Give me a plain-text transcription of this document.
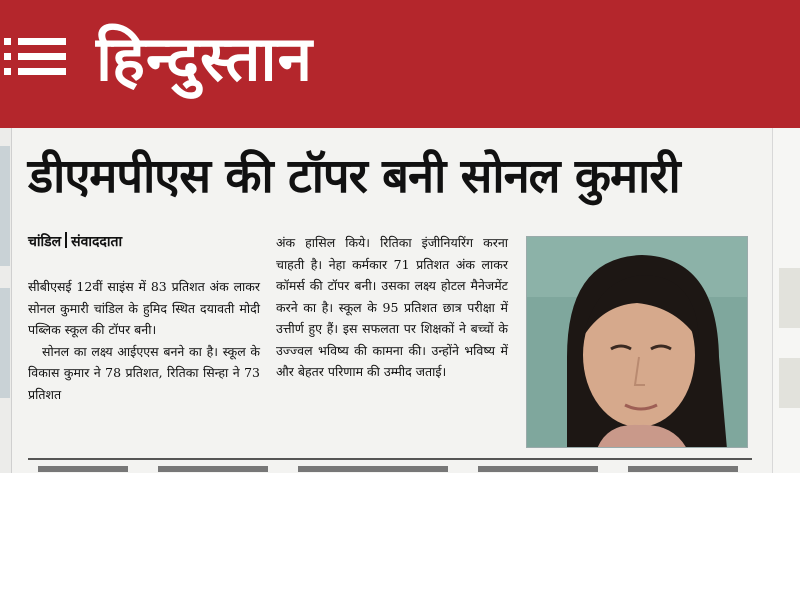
हिन्दुस्तान
डीएमपीएस की टॉपर बनी सोनल कुमारी
चांडिल संवाददाता

सीबीएसई 12वीं साइंस में 83 प्रतिशत अंक लाकर सोनल कुमारी चांडिल के हुमिद स्थित दयावती मोदी पब्लिक स्कूल की टॉपर बनी।

सोनल का लक्ष्य आईएएस बनने का है। स्कूल के विकास कुमार ने 78 प्रतिशत, रितिका सिन्हा ने 73 प्रतिशत

अंक हासिल किये। रितिका इंजीनियरिंग करना चाहती है। नेहा कर्मकार 71 प्रतिशत अंक लाकर कॉमर्स की टॉपर बनी। उसका लक्ष्य होटल मैनेजमेंट करने का है। स्कूल के 95 प्रतिशत छात्र परीक्षा में उत्तीर्ण हुए हैं। इस सफलता पर शिक्षकों ने बच्चों के उज्ज्वल भविष्य की कामना की। उन्होंने भविष्य में और बेहतर परिणाम की उम्मीद जताई।
